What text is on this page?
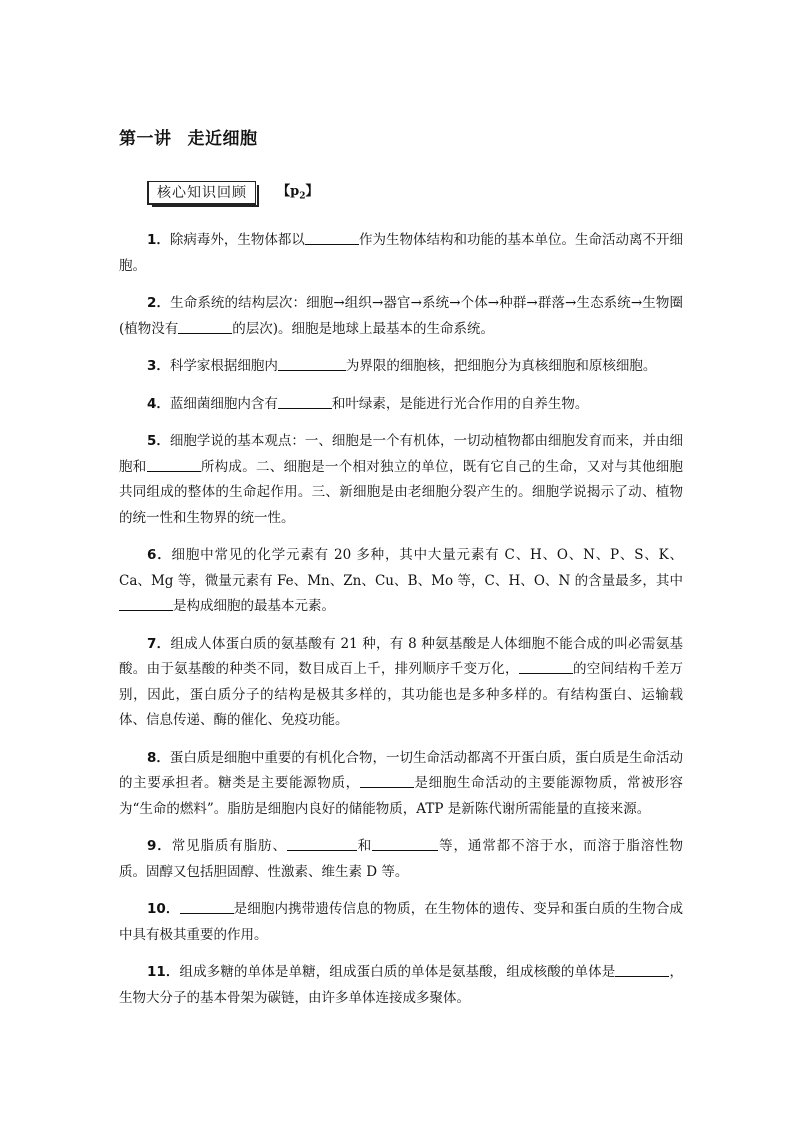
第一讲 走近细胞
核心知识回顾 【$p_2$】

1．除病毒外，生物体都以	作为生物体结构和功能的基本单位。生命活动离不开细胞。

2．生命系统的结构层次：细胞→组织→器官→系统→个体→种群→群落→生态系统→生物圈(植物没有	的层次)。细胞是地球上最基本的生命系统。

3．科学家根据细胞内	为界限的细胞核，把细胞分为真核细胞和原核细胞。

4．蓝细菌细胞内含有	和叶绿素，是能进行光合作用的自养生物。

5．细胞学说的基本观点：一、细胞是一个有机体，一切动植物都由细胞发育而来，并由细胞和	所构成。二、细胞是一个相对独立的单位，既有它自己的生命，又对与其他细胞共同组成的整体的生命起作用。三、新细胞是由老细胞分裂产生的。细胞学说揭示了动、植物的统一性和生物界的统一性。

6．细胞中常见的化学元素有 20 多种，其中大量元素有 C、H、O、N、P、S、K、Ca、Mg 等，微量元素有 Fe、Mn、Zn、Cu、B、Mo 等，C、H、O、N 的含量最多，其中是构成细胞的最基本元素。

7．组成人体蛋白质的氨基酸有 21 种，有 8 种氨基酸是人体细胞不能合成的叫必需氨基酸。由于氨基酸的种类不同，数目成百上千，排列顺序千变万化，	的空间结构千差万别，因此，蛋白质分子的结构是极其多样的，其功能也是多种多样的。有结构蛋白、运输载体、信息传递、酶的催化、免疫功能。

8．蛋白质是细胞中重要的有机化合物，一切生命活动都离不开蛋白质，蛋白质是生命活动的主要承担者。糖类是主要能源物质，	是细胞生命活动的主要能源物质，常被形容为“生命的燃料”。脂肪是细胞内良好的储能物质，ATP 是新陈代谢所需能量的直接来源。

9．常见脂质有脂肪、	和	等，通常都不溶于水，而溶于脂溶性物质。固醇又包括胆固醇、性激素、维生素 D 等。

10．	是细胞内携带遗传信息的物质，在生物体的遗传、变异和蛋白质的生物合成中具有极其重要的作用。

11．组成多糖的单体是单糖，组成蛋白质的单体是氨基酸，组成核酸的单体是	，生物大分子的基本骨架为碳链，由许多单体连接成多聚体。
